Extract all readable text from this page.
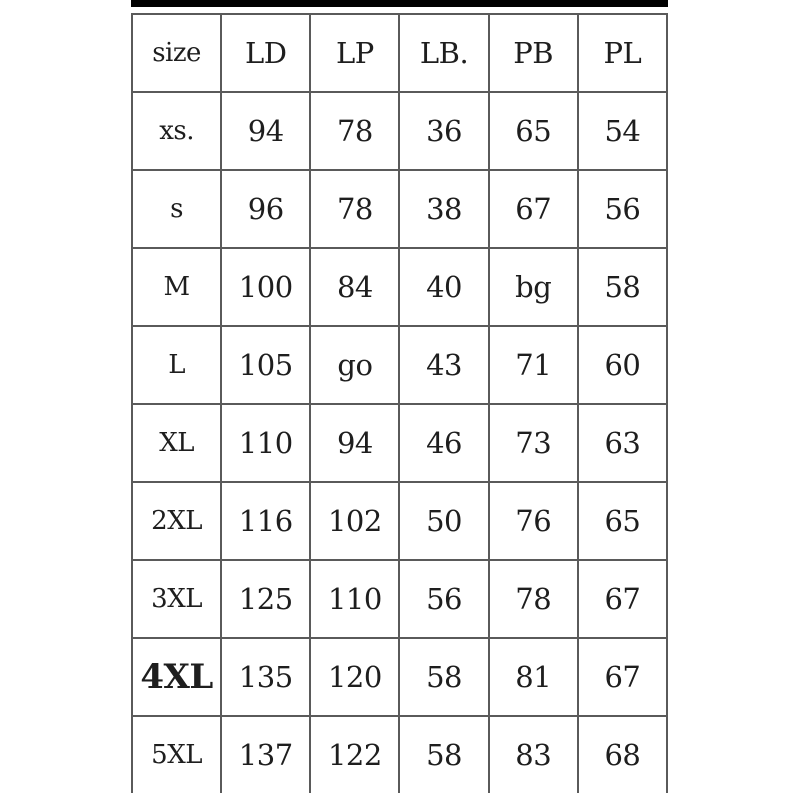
size	LD	LP	LB.	PB	PL
xs.	94	78	36	65	54
s	96	78	38	67	56
M	100	84	40	bg	58
L	105	go	43	71	60
XL	110	94	46	73	63
2XL	116	102	50	76	65
3XL	125	110	56	78	67
4XL	135	120	58	81	67
5XL	137	122	58	83	68
